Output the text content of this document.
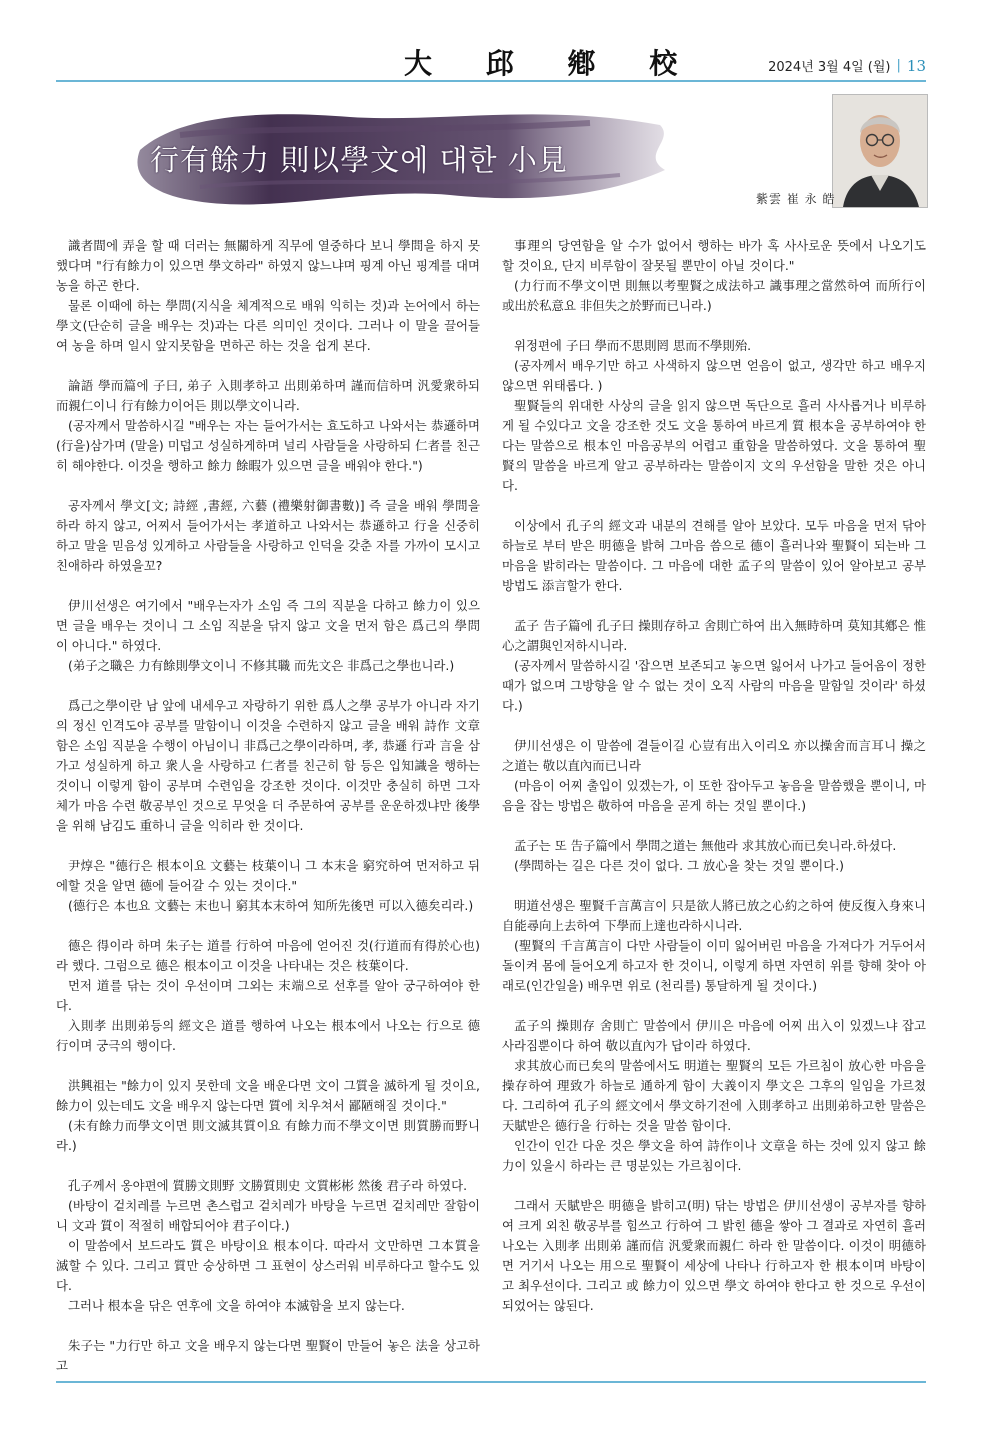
大 邱 鄕 校	2024년 3월 4일 (월) | 13
行有餘力 則以學文에 대한 小見
紫雲 崔 永 皓

識者間에 弄을 할 때 더러는 無關하게 직무에 열중하다 보니 學問을 하지 못했다며 "行有餘力이 있으면 學文하라" 하였지 않느냐며 핑계 아닌 핑계를 대며 농을 하곤 한다.

물론 이때에 하는 學問(지식을 체계적으로 배워 익히는 것)과 논어에서 하는 學文(단순히 글을 배우는 것)과는 다른 의미인 것이다. 그러나 이 말을 끌어들여 농을 하며 일시 앞지못함을 면하곤 하는 것을 쉽게 본다.

論語 學而篇에 子曰, 弟子 入則孝하고 出則弟하며 謹而信하며 汎愛衆하되 而親仁이니 行有餘力이어든 則以學文이니라.

(공자께서 말씀하시길 "배우는 자는 들어가서는 효도하고 나와서는 恭遜하며(行을)삼가며 (말을) 미덥고 성실하게하며 널리 사람들을 사랑하되 仁者를 친근히 해야한다. 이것을 행하고 餘力 餘暇가 있으면 글을 배워야 한다.")

공자께서 學文[文; 詩經 ,書經, 六藝 (禮樂射御書數)] 즉 글을 배워 學問을 하라 하지 않고, 어찌서 들어가서는 孝道하고 나와서는 恭遜하고 行을 신중히하고 말을 믿음성 있게하고 사람들을 사랑하고 인덕을 갖춘 자를 가까이 모시고 친애하라 하였을꼬?

伊川선생은 여기에서 "배우는자가 소임 즉 그의 직분을 다하고 餘力이 있으면 글을 배우는 것이니 그 소임 직분을 닦지 않고 文을 먼저 함은 爲己의 學問이 아니다." 하였다.

(弟子之職은 力有餘則學文이니 不修其職 而先文은 非爲己之學也니라.)

爲己之學이란 남 앞에 내세우고 자랑하기 위한 爲人之學 공부가 아니라 자기의 정신 인격도야 공부를 말함이니 이것을 수련하지 않고 글을 배워 詩作 文章함은 소임 직분을 수행이 아님이니 非爲己之學이라하며, 孝, 恭遜 行과 言을 삼가고 성실하게 하고 衆人을 사랑하고 仁者를 친근히 함 등은 입知識을 행하는 것이니 이렇게 함이 공부며 수련임을 강조한 것이다. 이것만 충실히 하면 그자체가 마음 수련 敬공부인 것으로 무엇을 더 주문하여 공부를 운운하겠냐만 後學을 위해 남김도 重하니 글을 익히라 한 것이다.

尹焞은 "德行은 根本이요 文藝는 枝葉이니 그 本末을 窮究하여 먼저하고 뒤에할 것을 알면 德에 들어갈 수 있는 것이다."

(德行은 本也요 文藝는 末也니 窮其本末하여 知所先後면 可以入德矣리라.)

德은 得이라 하며 朱子는 道를 行하여 마음에 얻어진 것(行道而有得於心也)라 했다. 그럼으로 德은 根本이고 이것을 나타내는 것은 枝葉이다.

먼저 道를 닦는 것이 우선이며 그외는 末端으로 선후를 알아 궁구하여야 한다.

入則孝 出則弟등의 經文은 道를 행하여 나오는 根本에서 나오는 行으로 德行이며 궁극의 행이다.

洪興祖는 "餘力이 있지 못한데 文을 배운다면 文이 그質을 滅하게 될 것이요, 餘力이 있는데도 文을 배우지 않는다면 質에 치우쳐서 鄙陋해질 것이다."

(未有餘力而學文이면 則文滅其質이요 有餘力而不學文이면 則質勝而野니라.)

孔子께서 옹야편에 質勝文則野 文勝質則史 文質彬彬 然後 君子라 하였다.

(바탕이 겉치레를 누르면 촌스럽고 겉치레가 바탕을 누르면 겉치레만 잘함이니 文과 質이 적절히 배합되어야 君子이다.)

이 말씀에서 보드라도 質은 바탕이요 根本이다. 따라서 文만하면 그本質을 滅할 수 있다. 그리고 質만 숭상하면 그 표현이 상스러워 비루하다고 할수도 있다.

그러나 根本을 닦은 연후에 文을 하여야 本滅함을 보지 않는다.

朱子는 "力行만 하고 文을 배우지 않는다면 聖賢이 만들어 놓은 法을 상고하고

事理의 당연함을 알 수가 없어서 행하는 바가 혹 사사로운 뜻에서 나오기도 할 것이요, 단지 비루함이 잘못될 뿐만이 아닐 것이다."

(力行而不學文이면 則無以考聖賢之成法하고 識事理之當然하여 而所行이 或出於私意요 非但失之於野而已니라.)

위정편에 子曰 學而不思則罔 思而不學則殆.

(공자께서 배우기만 하고 사색하지 않으면 얻음이 없고, 생각만 하고 배우지 않으면 위태롭다. )

聖賢들의 위대한 사상의 글을 읽지 않으면 독단으로 흘러 사사롭거나 비루하게 될 수있다고 文을 강조한 것도 文을 통하여 바르게 質 根本을 공부하여야 한다는 말씀으로 根本인 마음공부의 어렵고 重함을 말씀하였다. 文을 통하여 聖賢의 말씀을 바르게 알고 공부하라는 말씀이지 文의 우선함을 말한 것은 아니다.

이상에서 孔子의 經文과 내분의 견해를 알아 보았다. 모두 마음을 먼저 닦아 하늘로 부터 받은 明德을 밝혀 그마음 씀으로 德이 흘러나와 聖賢이 되는바 그 마음을 밝히라는 말씀이다. 그 마음에 대한 孟子의 말씀이 있어 알아보고 공부방법도 添言할가 한다.

孟子 告子篇에 孔子曰 操則存하고 舍則亡하여 出入無時하며 莫知其鄕은 惟心之謂與인저하시니라.

(공자께서 말씀하시길 '잡으면 보존되고 놓으면 잃어서 나가고 들어옴이 정한 때가 없으며 그방향을 알 수 없는 것이 오직 사람의 마음을 말함일 것이라' 하셨다.)

伊川선생은 이 말씀에 곁들이길 心豈有出入이리오 亦以操舍而言耳니 操之之道는 敬以直內而已니라

(마음이 어찌 출입이 있겠는가, 이 또한 잡아두고 놓음을 말씀했을 뿐이니, 마음을 잡는 방법은 敬하여 마음을 곧게 하는 것일 뿐이다.)

孟子는 또 告子篇에서 學問之道는 無他라 求其放心而已矣니라.하셨다.

(學問하는 길은 다른 것이 없다. 그 放心을 찾는 것일 뿐이다.)

明道선생은 聖賢千言萬言이 只是欲人將已放之心約之하여 使反復入身來니 自能尋向上去하여 下學而上達也라하시니라.

(聖賢의 千言萬言이 다만 사람들이 이미 잃어버린 마음을 가져다가 거두어서 돌이켜 몸에 들어오게 하고자 한 것이니, 이렇게 하면 자연히 위를 향해 찾아 아래로(인간일을) 배우면 위로 (천리를) 통달하게 될 것이다.)

孟子의 操則存 舍則亡 말씀에서 伊川은 마음에 어찌 出入이 있겠느냐 잡고 사라짐뿐이다 하여 敬以直內가 답이라 하였다.

求其放心而已矣의 말씀에서도 明道는 聖賢의 모든 가르침이 放心한 마음을 操存하여 理致가 하늘로 通하게 함이 大義이지 學文은 그후의 일임을 가르쳤다. 그리하여 孔子의 經文에서 學文하기전에 入則孝하고 出則弟하고한 말씀은 天賦받은 德行을 行하는 것을 말씀 함이다.

인간이 인간 다운 것은 學文을 하여 詩作이나 文章을 하는 것에 있지 않고 餘力이 있을시 하라는 큰 명분있는 가르침이다.

그래서 天賦받은 明德을 밝히고(明) 닦는 방법은 伊川선생이 공부자를 향하여 크게 외친 敬공부를 힘쓰고 行하여 그 밝힌 德을 쌓아 그 결과로 자연히 흘러나오는 入則孝 出則弟 謹而信 汎愛衆而親仁 하라 한 말씀이다. 이것이 明德하면 거기서 나오는 用으로 聖賢이 세상에 나타나 行하고자 한 根本이며 바탕이고 최우선이다. 그리고 或 餘力이 있으면 學文 하여야 한다고 한 것으로 우선이 되었어는 않된다.
